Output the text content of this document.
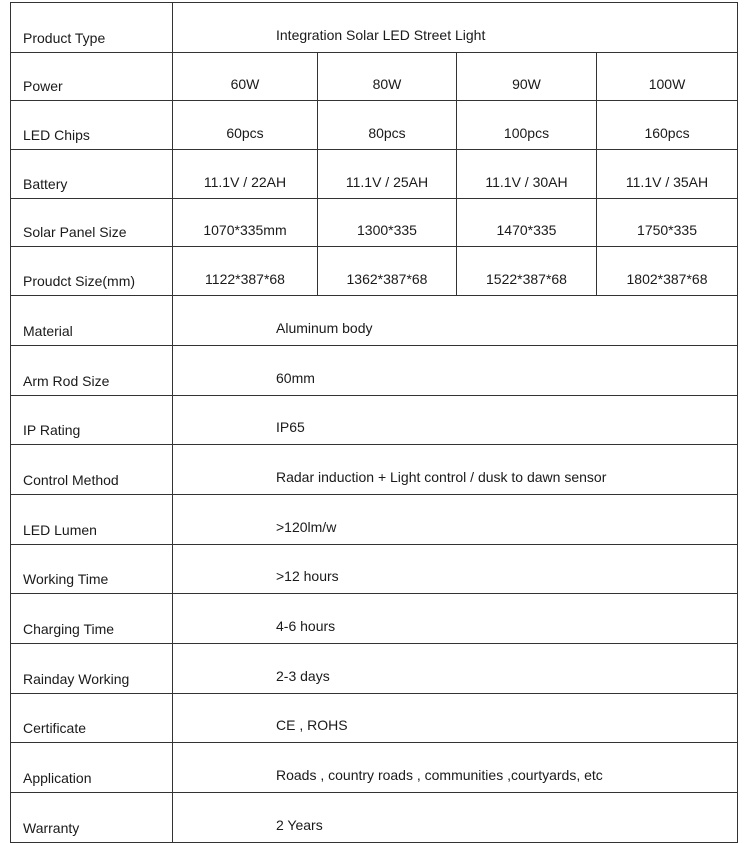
Product Type	Integration Solar LED Street Light			
Power	60W	80W	90W	100W
LED Chips	60pcs	80pcs	100pcs	160pcs
Battery	11.1V / 22AH	11.1V / 25AH	11.1V / 30AH	11.1V / 35AH
Solar Panel Size	1070*335mm	1300*335	1470*335	1750*335
Proudct Size(mm)	1122*387*68	1362*387*68	1522*387*68	1802*387*68
Material	Aluminum body			
Arm Rod Size	60mm			
IP Rating	IP65			
Control Method	Radar induction + Light control / dusk to dawn sensor			
LED Lumen	>120lm/w			
Working Time	>12 hours			
Charging Time	4-6 hours			
Rainday Working	2-3 days			
Certificate	CE , ROHS			
Application	Roads , country roads , communities ,courtyards, etc			
Warranty	2 Years			
